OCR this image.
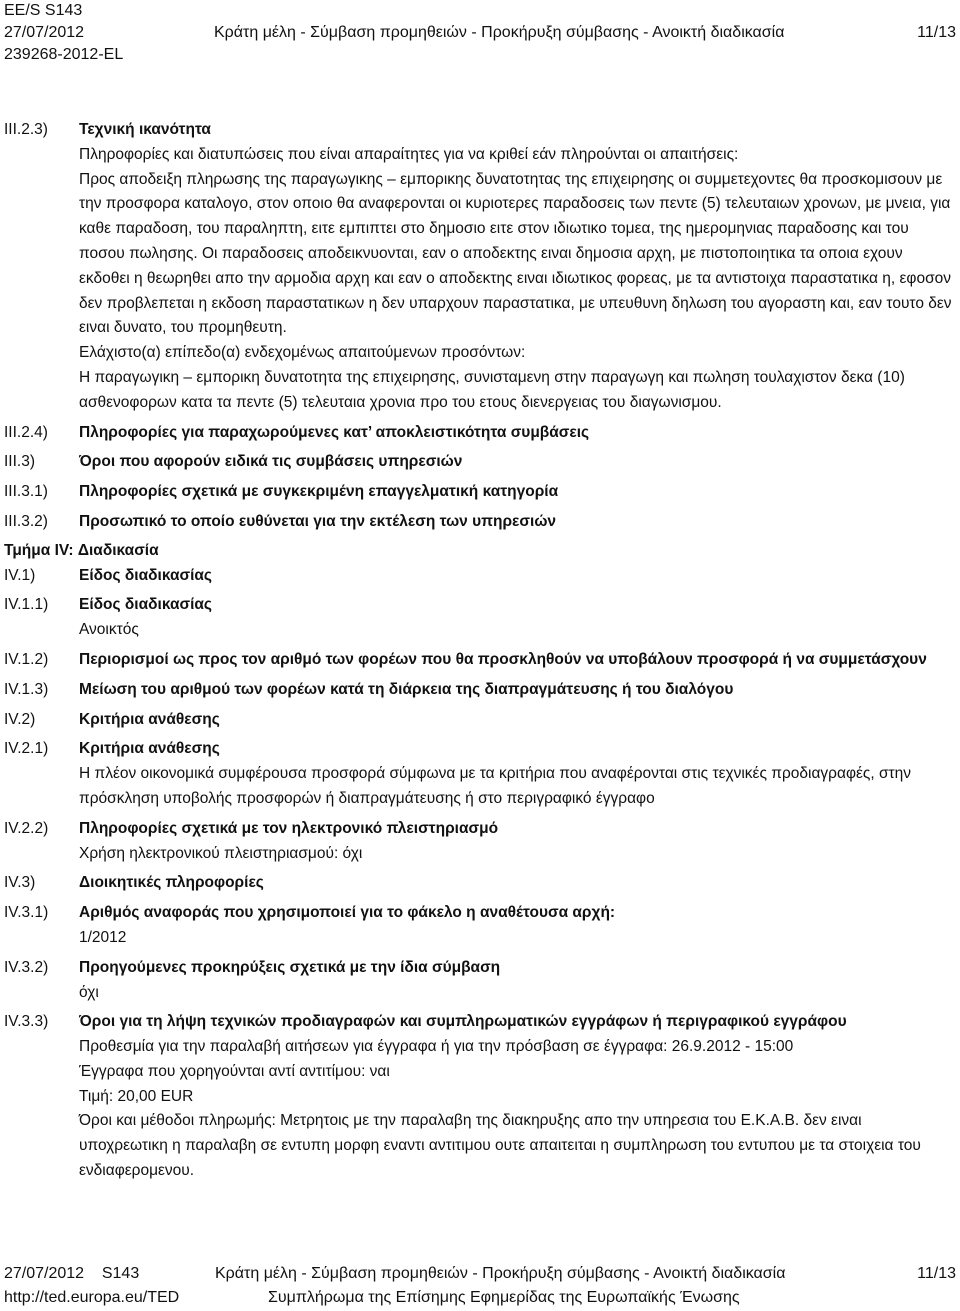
EE/S S143
27/07/2012
239268-2012-EL
Κράτη μέλη - Σύμβαση προμηθειών - Προκήρυξη σύμβασης - Ανοικτή διαδικασία	11/13
III.2.3) Τεχνική ικανότητα
Πληροφορίες και διατυπώσεις που είναι απαραίτητες για να κριθεί εάν πληρούνται οι απαιτήσεις:
Προς αποδειξη πληρωσης της παραγωγικης – εμπορικης δυνατοτητας της επιχειρησης οι συμμετεχοντες θα προσκομισουν με την προσφορα καταλογο, στον οποιο θα αναφερονται οι κυριοτερες παραδοσεις των πεντε (5) τελευταιων χρονων, με μνεια, για καθε παραδοση, του παραληπτη, ειτε εμπιπτει στο δημοσιο ειτε στον ιδιωτικο τομεα, της ημερομηνιας παραδοσης και του ποσου πωλησης. Οι παραδοσεις αποδεικνυονται, εαν ο αποδεκτης ειναι δημοσια αρχη, με πιστοποιητικα τα οποια εχουν εκδοθει η θεωρηθει απο την αρμοδια αρχη και εαν ο αποδεκτης ειναι ιδιωτικος φορεας, με τα αντιστοιχα παραστατικα η, εφοσον δεν προβλεπεται η εκδοση παραστατικων η δεν υπαρχουν παραστατικα, με υπευθυνη δηλωση του αγοραστη και, εαν τουτο δεν ειναι δυνατο, του προμηθευτη.
Ελάχιστο(α) επίπεδο(α) ενδεχομένως απαιτούμενων προσόντων:
Η παραγωγικη – εμπορικη δυνατοτητα της επιχειρησης, συνισταμενη στην παραγωγη και πωληση τουλαχιστον δεκα (10) ασθενοφορων κατα τα πεντε (5) τελευταια χρονια προ του ετους διενεργειας του διαγωνισμου.
III.2.4) Πληροφορίες για παραχωρούμενες κατ’ αποκλειστικότητα συμβάσεις
III.3)	Όροι που αφορούν ειδικά τις συμβάσεις υπηρεσιών
III.3.1) Πληροφορίες σχετικά με συγκεκριμένη επαγγελματική κατηγορία
III.3.2) Προσωπικό το οποίο ευθύνεται για την εκτέλεση των υπηρεσιών
Τμήμα IV: Διαδικασία
IV.1)	Είδος διαδικασίας
IV.1.1) Είδος διαδικασίας
Ανοικτός
IV.1.2) Περιορισμοί ως προς τον αριθμό των φορέων που θα προσκληθούν να υποβάλουν προσφορά ή να συμμετάσχουν
IV.1.3) Μείωση του αριθμού των φορέων κατά τη διάρκεια της διαπραγμάτευσης ή του διαλόγου
IV.2)	Κριτήρια ανάθεσης
IV.2.1) Κριτήρια ανάθεσης
Η πλέον οικονομικά συμφέρουσα προσφορά σύμφωνα με τα κριτήρια που αναφέρονται στις τεχνικές προδιαγραφές, στην πρόσκληση υποβολής προσφορών ή διαπραγμάτευσης ή στο περιγραφικό έγγραφο
IV.2.2) Πληροφορίες σχετικά με τον ηλεκτρονικό πλειστηριασμό
Χρήση ηλεκτρονικού πλειστηριασμού: όχι
IV.3)	Διοικητικές πληροφορίες
IV.3.1) Αριθμός αναφοράς που χρησιμοποιεί για το φάκελο η αναθέτουσα αρχή:
1/2012
IV.3.2) Προηγούμενες προκηρύξεις σχετικά με την ίδια σύμβαση
όχι
IV.3.3) Όροι για τη λήψη τεχνικών προδιαγραφών και συμπληρωματικών εγγράφων ή περιγραφικού εγγράφου
Προθεσμία για την παραλαβή αιτήσεων για έγγραφα ή για την πρόσβαση σε έγγραφα: 26.9.2012 - 15:00
Έγγραφα που χορηγούνται αντί αντιτίμου: ναι
Τιμή: 20,00 EUR
Όροι και μέθοδοι πληρωμής: Μετρητοις με την παραλαβη της διακηρυξης απο την υπηρεσια του Ε.Κ.Α.Β. δεν ειναι υποχρεωτικη η παραλαβη σε εντυπη μορφη εναντι αντιτιμου ουτε απαιτειται η συμπληρωση του εντυπου με τα στοιχεια του ενδιαφερομενου.
27/07/2012 S143
http://ted.europa.eu/TED
Κράτη μέλη - Σύμβαση προμηθειών - Προκήρυξη σύμβασης - Ανοικτή διαδικασία
Συμπλήρωμα της Επίσημης Εφημερίδας της Ευρωπαϊκής Ένωσης
11/13
